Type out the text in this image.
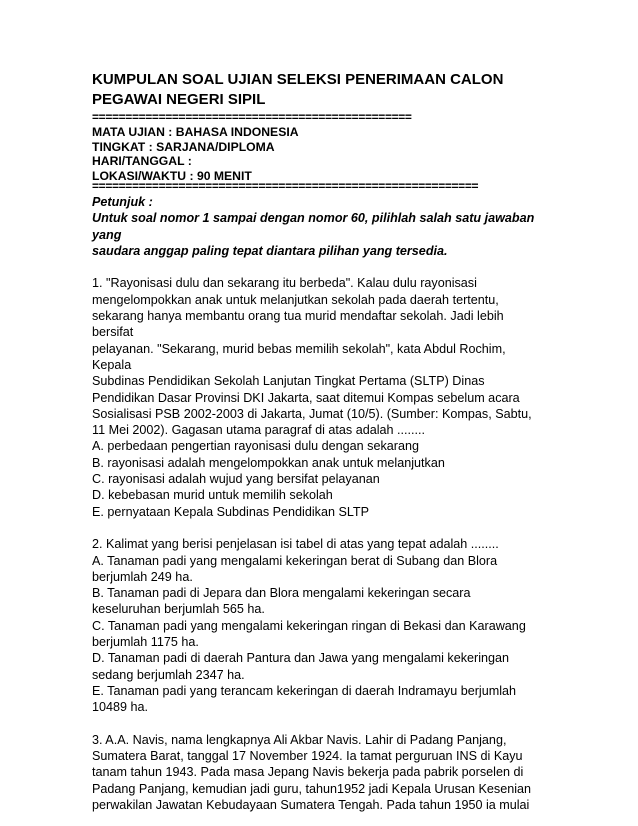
KUMPULAN SOAL UJIAN SELEKSI PENERIMAAN CALON
PEGAWAI NEGERI SIPIL
================================================
MATA UJIAN : BAHASA INDONESIA
TINGKAT : SARJANA/DIPLOMA
HARI/TANGGAL :
LOKASI/WAKTU : 90 MENIT
==========================================================
Petunjuk :
Untuk soal nomor 1 sampai dengan nomor 60, pilihlah salah satu jawaban
yang
saudara anggap paling tepat diantara pilihan yang tersedia.
1. "Rayonisasi dulu dan sekarang itu berbeda". Kalau dulu rayonisasi
mengelompokkan anak untuk melanjutkan sekolah pada daerah tertentu,
sekarang hanya membantu orang tua murid mendaftar sekolah. Jadi lebih
bersifat
pelayanan. "Sekarang, murid bebas memilih sekolah", kata Abdul Rochim,
Kepala
Subdinas Pendidikan Sekolah Lanjutan Tingkat Pertama (SLTP) Dinas
Pendidikan Dasar Provinsi DKI Jakarta, saat ditemui Kompas sebelum acara
Sosialisasi PSB 2002-2003 di Jakarta, Jumat (10/5). (Sumber: Kompas, Sabtu,
11 Mei 2002). Gagasan utama paragraf di atas adalah ........
A. perbedaan pengertian rayonisasi dulu dengan sekarang
B. rayonisasi adalah mengelompokkan anak untuk melanjutkan
C. rayonisasi adalah wujud yang bersifat pelayanan
D. kebebasan murid untuk memilih sekolah
E. pernyataan Kepala Subdinas Pendidikan SLTP
2. Kalimat yang berisi penjelasan isi tabel di atas yang tepat adalah ........
A. Tanaman padi yang mengalami kekeringan berat di Subang dan Blora
berjumlah 249 ha.
B. Tanaman padi di Jepara dan Blora mengalami kekeringan secara
keseluruhan berjumlah 565 ha.
C. Tanaman padi yang mengalami kekeringan ringan di Bekasi dan Karawang
berjumlah 1175 ha.
D. Tanaman padi di daerah Pantura dan Jawa yang mengalami kekeringan
sedang berjumlah 2347 ha.
E. Tanaman padi yang terancam kekeringan di daerah Indramayu berjumlah
10489 ha.
3. A.A. Navis, nama lengkapnya Ali Akbar Navis. Lahir di Padang Panjang,
Sumatera Barat, tanggal 17 November 1924. Ia tamat perguruan INS di Kayu
tanam tahun 1943. Pada masa Jepang Navis bekerja pada pabrik porselen di
Padang Panjang, kemudian jadi guru, tahun1952 jadi Kepala Urusan Kesenian
perwakilan Jawatan Kebudayaan Sumatera Tengah. Pada tahun 1950 ia mulai
